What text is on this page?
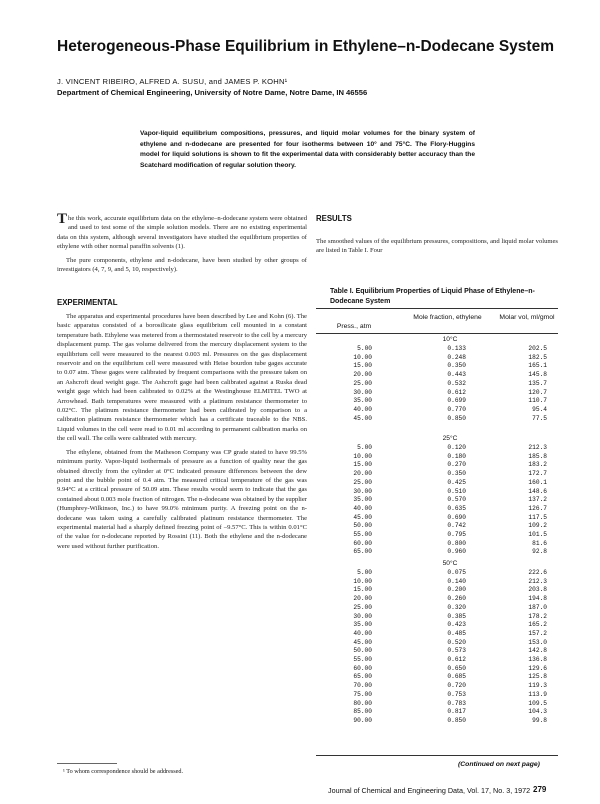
Heterogeneous-Phase Equilibrium in Ethylene–n-Dodecane System
J. VINCENT RIBEIRO, ALFRED A. SUSU, and JAMES P. KOHN¹
Department of Chemical Engineering, University of Notre Dame, Notre Dame, IN 46556
Vapor-liquid equilibrium compositions, pressures, and liquid molar volumes for the binary system of ethylene and n-dodecane are presented for four isotherms between 10° and 75°C. The Flory-Huggins model for liquid solutions is shown to fit the experimental data with considerably better accuracy than the Scatchard modification of regular solution theory.

The this work, accurate equilibrium data on the ethylene–n-dodecane system were obtained and used to test some of the simple solution models. There are no existing experimental data on this system, although several investigators have studied the equilibrium properties of ethylene with other normal paraffin solvents (1).

The pure components, ethylene and n-dodecane, have been studied by other groups of investigators (4, 7, 9, and 5, 10, respectively).

EXPERIMENTAL

The apparatus and experimental procedures have been described by Lee and Kohn (6). The basic apparatus consisted of a borosilicate glass equilibrium cell mounted in a constant temperature bath. Ethylene was metered from a thermostated reservoir to the cell by a mercury displacement pump. The gas volume delivered from the mercury displacement system to the equilibrium cell were measured to the nearest 0.003 ml. Pressures on the gas displacement reservoir and on the equilibrium cell were measured with Heise bourdon tube gages accurate to 0.07 atm. These gages were calibrated by frequent comparisons with the pressure taken on an Ashcroft dead weight gage. The Ashcroft gage had been calibrated against a Ruska dead weight gage which had been calibrated to 0.02% at the Westinghouse ELMITEL TWO at Arrowhead. Bath temperatures were measured with a platinum resistance thermometer to 0.02°C. The platinum resistance thermometer had been calibrated by comparison to a calibration platinum resistance thermometer which has a certificate traceable to the NBS. Liquid volumes in the cell were read to 0.01 ml according to permanent calibration marks on the cell wall. The cells were calibrated with mercury.

The ethylene, obtained from the Matheson Company was CP grade stated to have 99.5% minimum purity. Vapor-liquid isothermals of pressure as a function of quality near the gas obtained directly from the cylinder at 0°C indicated pressure differences between the dew point and the bubble point of 0.4 atm. The measured critical temperature of the gas was 9.94°C at a critical pressure of 50.09 atm. These results would seem to indicate that the gas contained about 0.003 mole fraction of nitrogen. The n-dodecane was obtained by the supplier (Humphrey-Wilkinson, Inc.) to have 99.0% minimum purity. A freezing point on the n-dodecane was taken using a carefully calibrated platinum resistance thermometer. The experimental material had a sharply defined freezing point of –9.57°C. This is within 0.01°C of the value for n-dodecane reported by Rossini (11). Both the ethylene and the n-dodecane were used without further purification.

RESULTS
The smoothed values of the equilibrium pressures, compositions, and liquid molar volumes are listed in Table I. Four
Table I. Equilibrium Properties of Liquid Phase of Ethylene–n-Dodecane System
Press., atm
Mole fraction, ethylene	Molar vol, ml/gmol
10°C
5.00	0.133	202.5
10.00	0.248	182.5
15.00	0.350	165.1
20.00	0.443	145.8
25.00	0.532	135.7
30.00	0.612	120.7
35.00	0.699	110.7
40.00	0.770	95.4
45.00	0.850	77.5
25°C
5.00	0.120	212.3
10.00	0.180	185.8
15.00	0.270	183.2
20.00	0.350	172.7
25.00	0.425	160.1
30.00	0.510	148.6
35.00	0.570	137.2
40.00	0.635	126.7
45.00	0.690	117.5
50.00	0.742	109.2
55.00	0.795	101.5
60.00	0.800	81.6
65.00	0.960	92.8
50°C
5.00	0.075	222.6
10.00	0.140	212.3
15.00	0.200	203.8
20.00	0.260	194.8
25.00	0.320	187.0
30.00	0.385	178.2
35.00	0.423	165.2
40.00	0.485	157.2
45.00	0.520	153.0
50.00	0.573	142.8
55.00	0.612	136.8
60.00	0.650	129.6
65.00	0.685	125.8
70.00	0.720	119.3
75.00	0.753	113.9
80.00	0.783	109.5
85.00	0.817	104.3
90.00	0.850	99.8
(Continued on next page)
¹ To whom correspondence should be addressed.
Journal of Chemical and Engineering Data, Vol. 17, No. 3, 1972 279
